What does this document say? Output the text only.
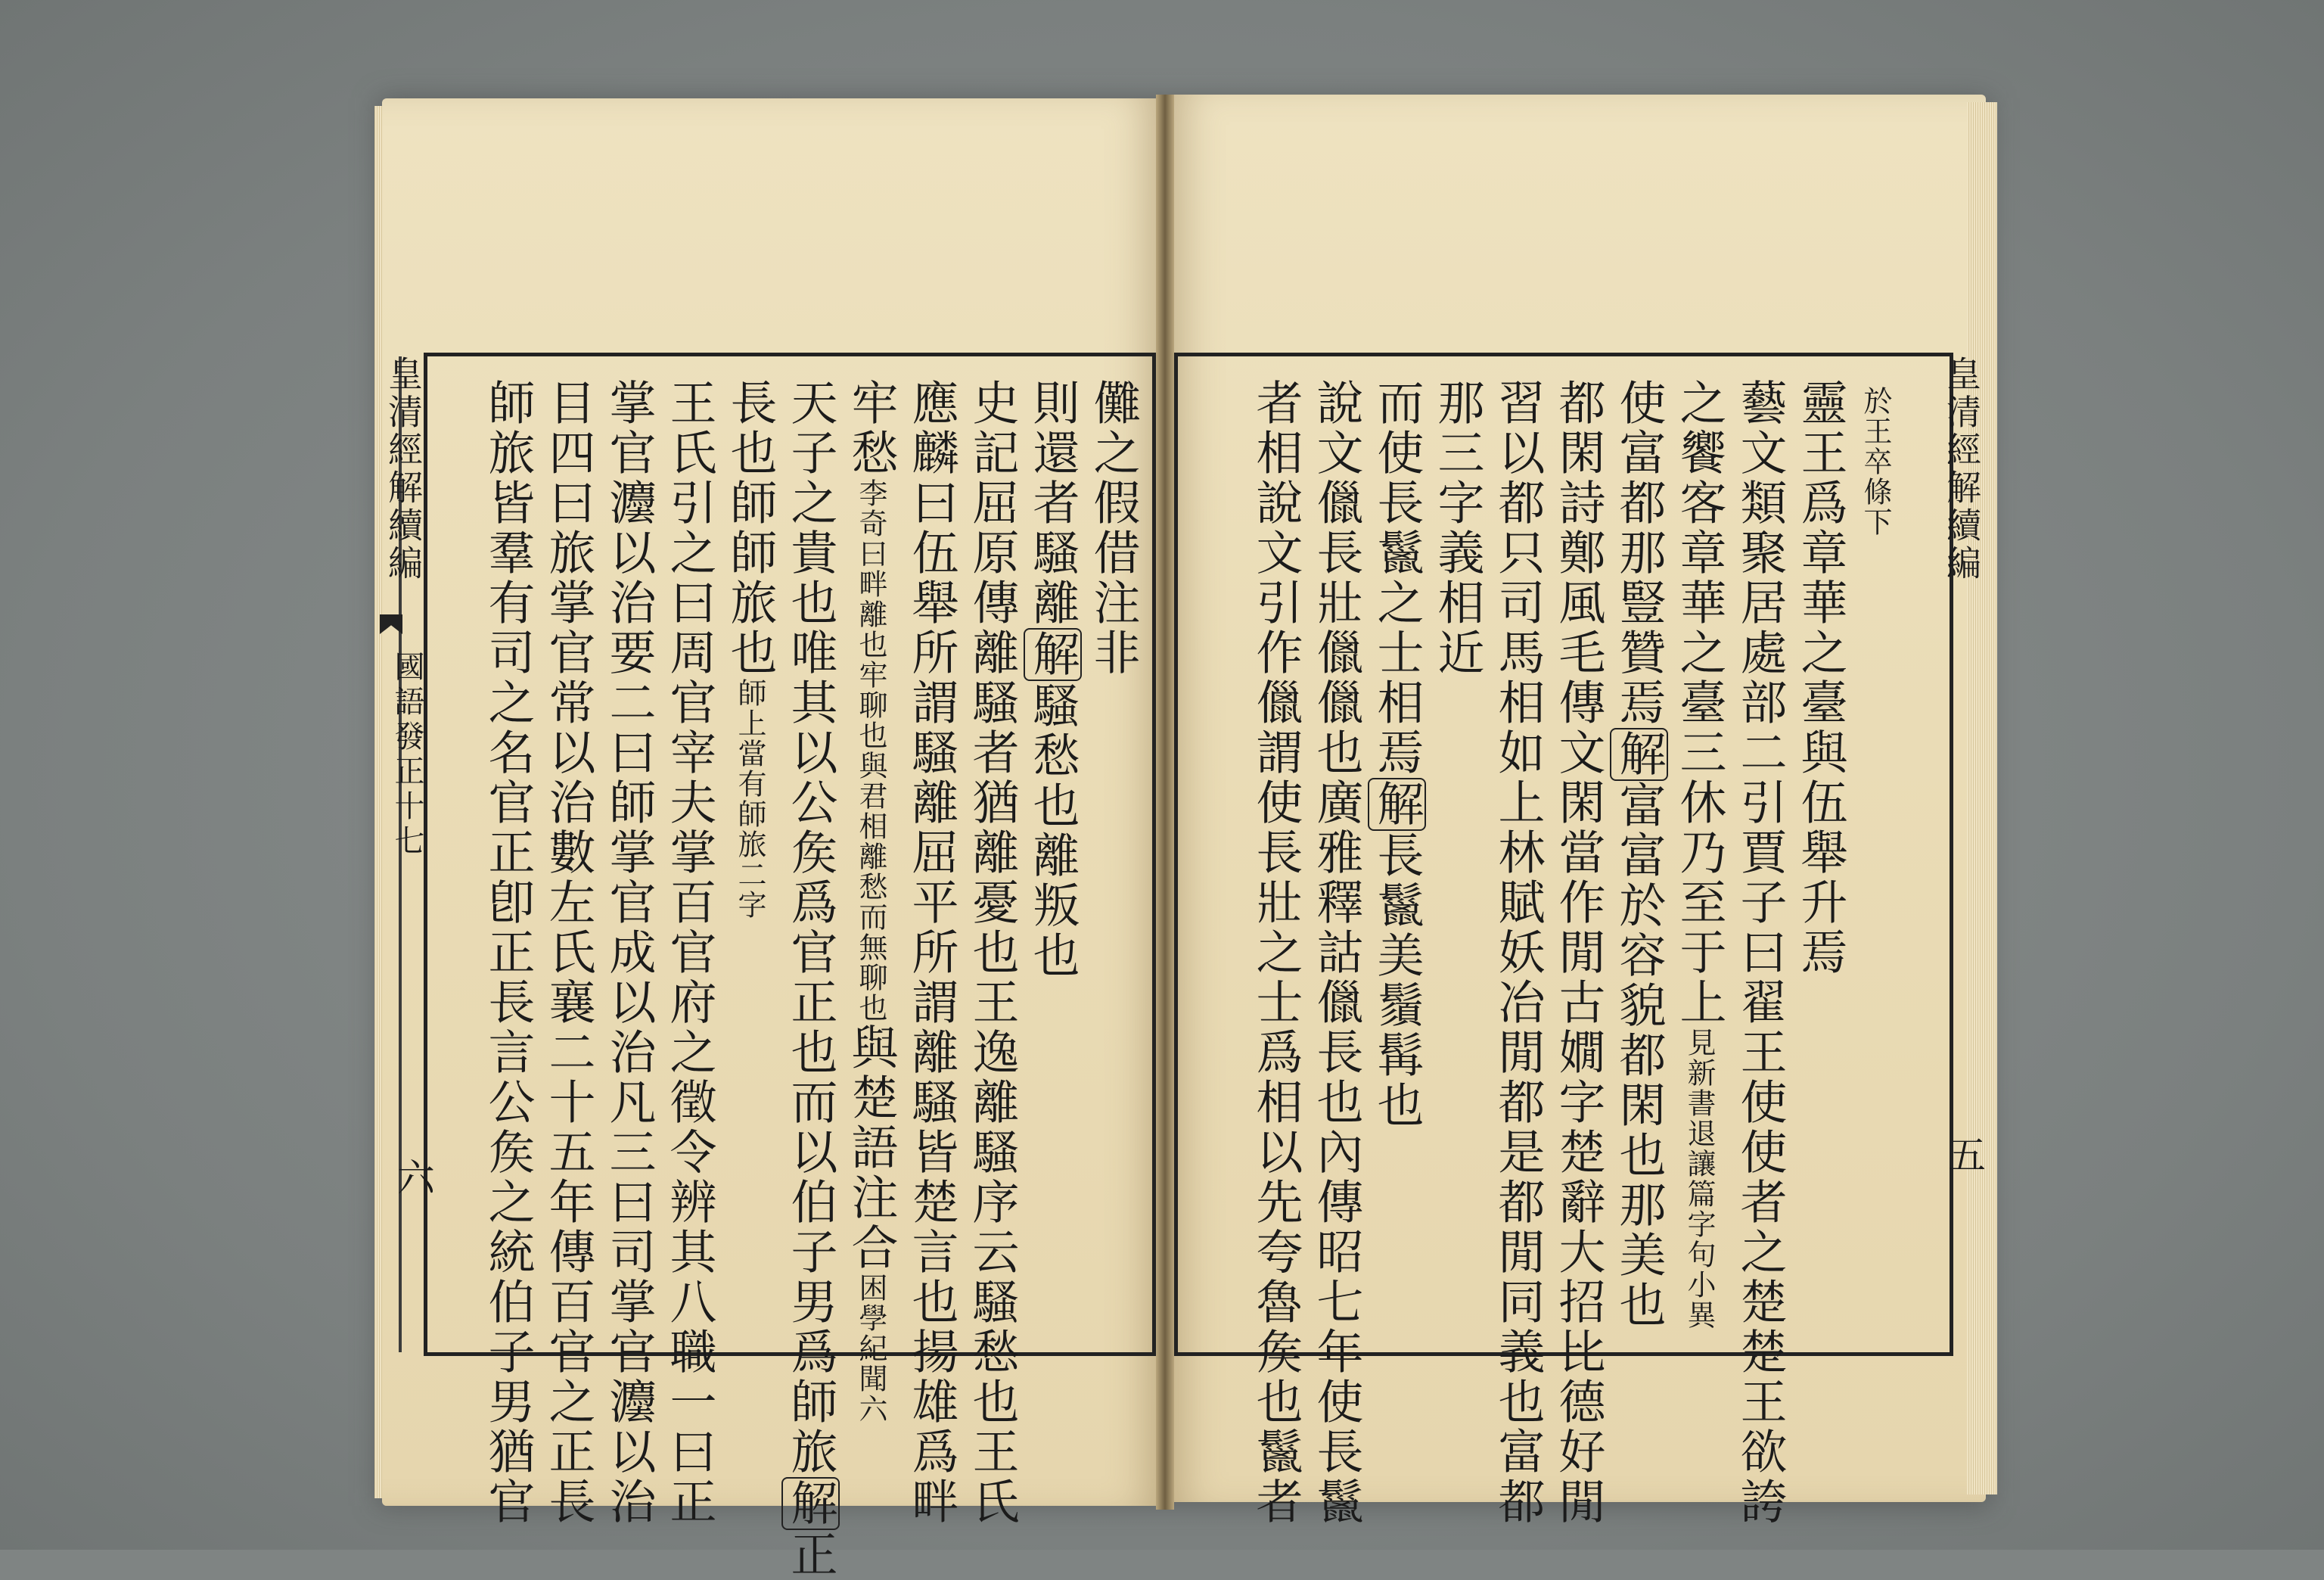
皇清經解續編
國語發正十七
六
儺之假借注非
則還者騷離解騷愁也離叛也
史記屈原傳離騷者猶離憂也王逸離騷序云騷愁也王氏
應麟曰伍舉所謂騷離屈平所謂離騷皆楚言也揚雄爲畔
牢愁李奇曰畔離也牢聊也與君相離愁而無聊也與楚語注合困學紀聞六
天子之貴也唯其以公矦爲官正也而以伯子男爲師旅解正
長也師師旅也師上當有師旅二字
王氏引之曰周官宰夫掌百官府之徵令辨其八職一曰正
掌官灋以治要二曰師掌官成以治凡三曰司掌官灋以治
目四曰旅掌官常以治數左氏襄二十五年傳百官之正長
師旅皆羣有司之名官正卽正長言公矦之統伯子男猶官	皇清經解續編
五
於王卒條下
靈王爲章華之臺與伍舉升焉
藝文類聚居處部二引賈子曰翟王使使者之楚楚王欲誇
之饗客章華之臺三休乃至于上見新書退讓篇字句小異
使富都那豎贊焉解富富於容貌都閑也那美也
都閑詩鄭風毛傳文閑當作閒古嫺字楚辭大招比德好閒
習以都只司馬相如上林賦妖冶閒都是都閒同義也富都
那三字義相近
而使長鬣之士相焉解長鬣美鬚髯也
說文儠長壯儠儠也廣雅釋詁儠長也內傳昭七年使長鬣
者相說文引作儠謂使長壯之士爲相以先夸魯矦也鬣者
